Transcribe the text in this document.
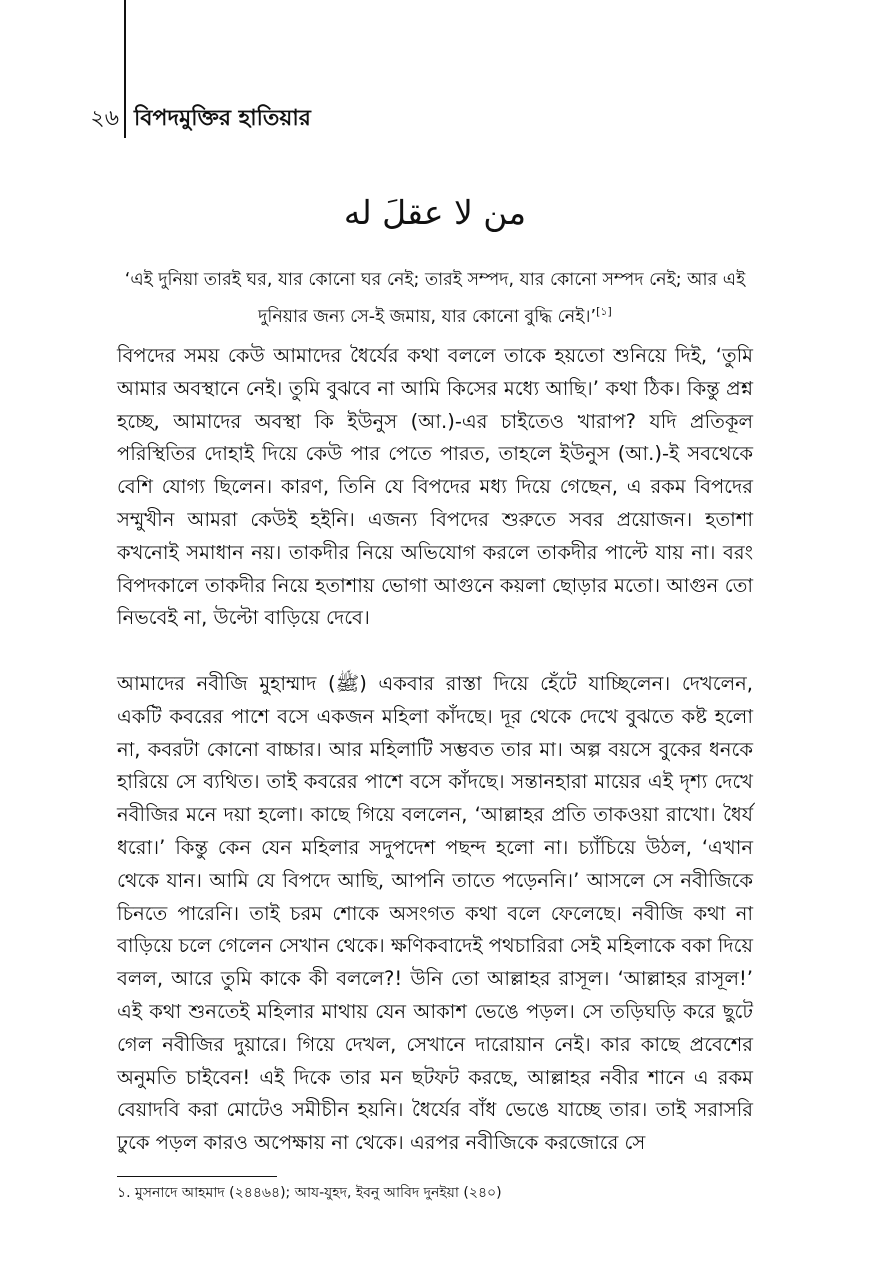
২৬ বিপদমুক্তির হাতিয়ার
من لا عقلَ له
‘এই দুনিয়া তারই ঘর, যার কোনো ঘর নেই; তারই সম্পদ, যার কোনো সম্পদ নেই; আর এই দুনিয়ার জন্য সে-ই জমায়, যার কোনো বুদ্ধি নেই।’[১]

বিপদের সময় কেউ আমাদের ধৈর্যের কথা বললে তাকে হয়তো শুনিয়ে দিই, ‘তুমি আমার অবস্থানে নেই। তুমি বুঝবে না আমি কিসের মধ্যে আছি।’ কথা ঠিক। কিন্তু প্রশ্ন হচ্ছে, আমাদের অবস্থা কি ইউনুস (আ.)-এর চাইতেও খারাপ? যদি প্রতিকূল পরিস্থিতির দোহাই দিয়ে কেউ পার পেতে পারত, তাহলে ইউনুস (আ.)-ই সবথেকে বেশি যোগ্য ছিলেন। কারণ, তিনি যে বিপদের মধ্য দিয়ে গেছেন, এ রকম বিপদের সম্মুখীন আমরা কেউই হইনি। এজন্য বিপদের শুরুতে সবর প্রয়োজন। হতাশা কখনোই সমাধান নয়। তাকদীর নিয়ে অভিযোগ করলে তাকদীর পাল্টে যায় না। বরং বিপদকালে তাকদীর নিয়ে হতাশায় ভোগা আগুনে কয়লা ছোড়ার মতো। আগুন তো নিভবেই না, উল্টো বাড়িয়ে দেবে।

আমাদের নবীজি মুহাম্মাদ (ﷺ) একবার রাস্তা দিয়ে হেঁটে যাচ্ছিলেন। দেখলেন, একটি কবরের পাশে বসে একজন মহিলা কাঁদছে। দূর থেকে দেখে বুঝতে কষ্ট হলো না, কবরটা কোনো বাচ্চার। আর মহিলাটি সম্ভবত তার মা। অল্প বয়সে বুকের ধনকে হারিয়ে সে ব্যথিত। তাই কবরের পাশে বসে কাঁদছে। সন্তানহারা মায়ের এই দৃশ্য দেখে নবীজির মনে দয়া হলো। কাছে গিয়ে বললেন, ‘আল্লাহর প্রতি তাকওয়া রাখো। ধৈর্য ধরো।’ কিন্তু কেন যেন মহিলার সদুপদেশ পছন্দ হলো না। চ্যাঁচিয়ে উঠল, ‘এখান থেকে যান। আমি যে বিপদে আছি, আপনি তাতে পড়েননি।’ আসলে সে নবীজিকে চিনতে পারেনি। তাই চরম শোকে অসংগত কথা বলে ফেলেছে। নবীজি কথা না বাড়িয়ে চলে গেলেন সেখান থেকে। ক্ষণিকবাদেই পথচারিরা সেই মহিলাকে বকা দিয়ে বলল, আরে তুমি কাকে কী বললে?! উনি তো আল্লাহর রাসূল। ‘আল্লাহর রাসূল!’ এই কথা শুনতেই মহিলার মাথায় যেন আকাশ ভেঙে পড়ল। সে তড়িঘড়ি করে ছুটে গেল নবীজির দুয়ারে। গিয়ে দেখল, সেখানে দারোয়ান নেই। কার কাছে প্রবেশের অনুমতি চাইবেন! এই দিকে তার মন ছটফট করছে, আল্লাহর নবীর শানে এ রকম বেয়াদবি করা মোটেও সমীচীন হয়নি। ধৈর্যের বাঁধ ভেঙে যাচ্ছে তার। তাই সরাসরি ঢুকে পড়ল কারও অপেক্ষায় না থেকে। এরপর নবীজিকে করজোরে সে

১. মুসনাদে আহমাদ (২৪৪৬৪); আয-যুহদ, ইবনু আবিদ দুনইয়া (২৪০)
